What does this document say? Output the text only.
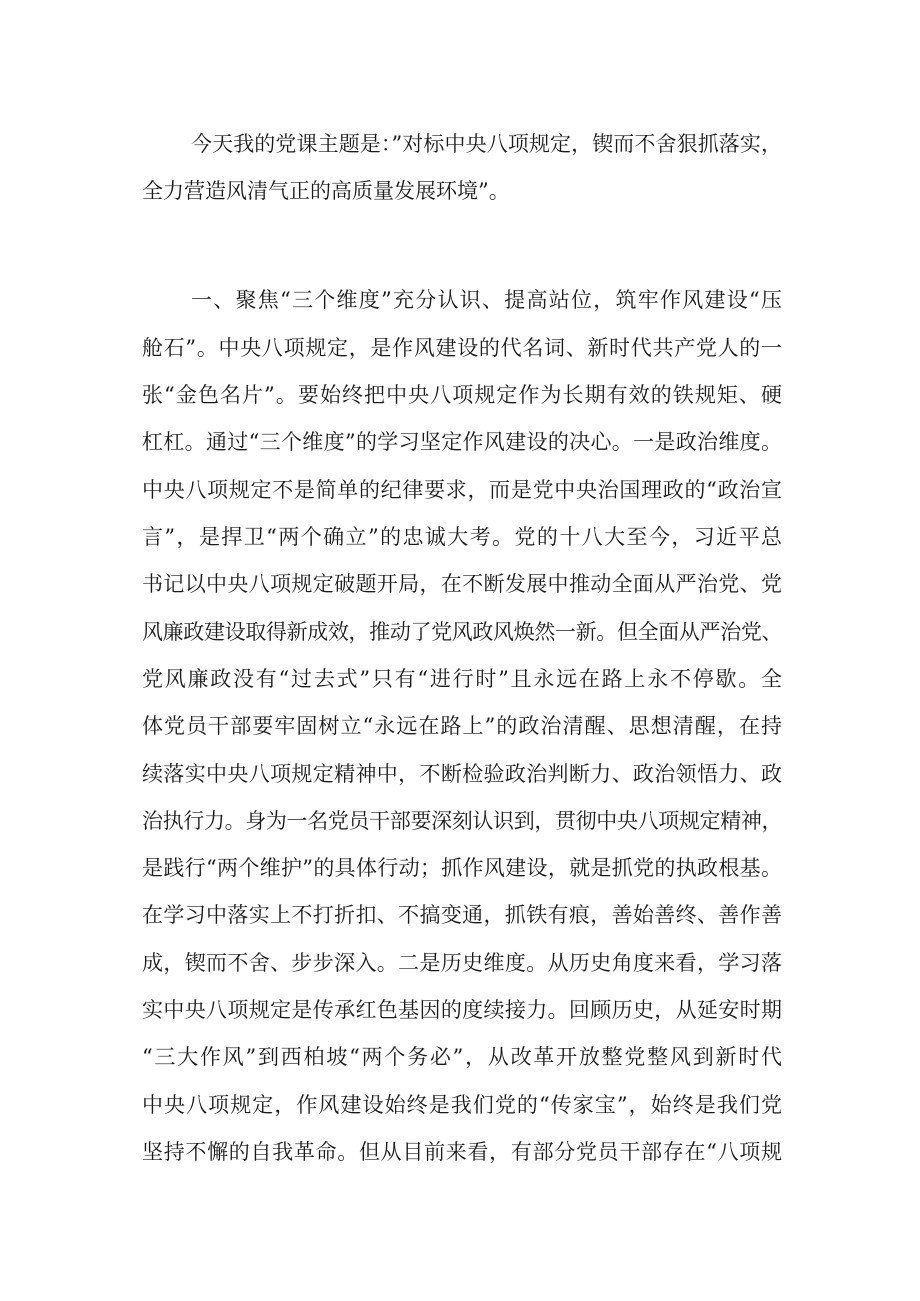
今天我的党课主题是：”对标中央八项规定，锲而不舍狠抓落实，
全力营造风清气正的高质量发展环境”。
一、聚焦“三个维度”充分认识、提高站位，筑牢作风建设“压
舱石”。中央八项规定，是作风建设的代名词、新时代共产党人的一
张“金色名片”。要始终把中央八项规定作为长期有效的铁规矩、硬
杠杠。通过“三个维度”的学习坚定作风建设的决心。一是政治维度。
中央八项规定不是简单的纪律要求，而是党中央治国理政的“政治宣
言”，是捍卫“两个确立”的忠诚大考。党的十八大至今，习近平总
书记以中央八项规定破题开局，在不断发展中推动全面从严治党、党
风廉政建设取得新成效，推动了党风政风焕然一新。但全面从严治党、
党风廉政没有“过去式”只有“进行时”且永远在路上永不停歇。全
体党员干部要牢固树立“永远在路上”的政治清醒、思想清醒，在持
续落实中央八项规定精神中，不断检验政治判断力、政治领悟力、政
治执行力。身为一名党员干部要深刻认识到，贯彻中央八项规定精神，
是践行“两个维护”的具体行动；抓作风建设，就是抓党的执政根基。
在学习中落实上不打折扣、不搞变通，抓铁有痕，善始善终、善作善
成，锲而不舍、步步深入。二是历史维度。从历史角度来看，学习落
实中央八项规定是传承红色基因的度续接力。回顾历史，从延安时期
“三大作风”到西柏坡“两个务必”，从改革开放整党整风到新时代
中央八项规定，作风建设始终是我们党的“传家宝”，始终是我们党
坚持不懈的自我革命。但从目前来看，有部分党员干部存在“八项规
